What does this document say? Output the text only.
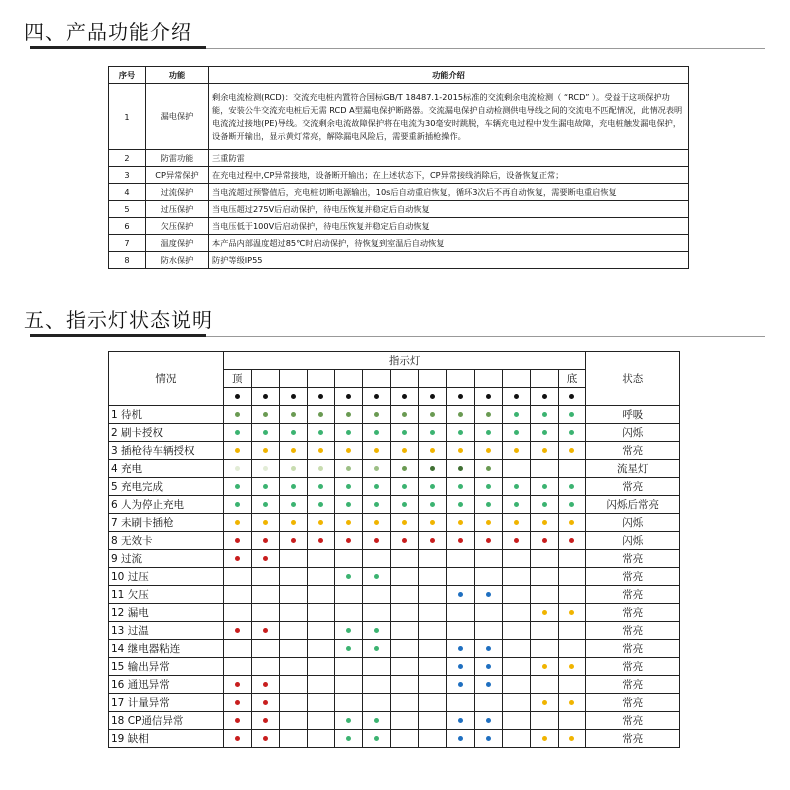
四、产品功能介绍
序号	功能	功能介绍
1	漏电保护	剩余电流检测(RCD)：交流充电桩内置符合国标GB/T 18487.1-2015标准的交流剩余电流检测（ “RCD” ）。受益于这项保护功能，安装公牛交流充电桩后无需 RCD A型漏电保护断路器。交流漏电保护自动检测供电导线之间的交流电不匹配情况，此情况表明电流流过接地(PE)导线。交流剩余电流故障保护将在电流为30毫安时跳脱，车辆充电过程中发生漏电故障，充电桩触发漏电保护，设备断开输出，显示黄灯常亮，解除漏电风险后，需要重新插枪操作。
2	防雷功能	三重防雷
3	CP异常保护	在充电过程中,CP异常接地，设备断开输出；在上述状态下，CP异常接线消除后，设备恢复正常；
4	过流保护	当电流超过预警值后，充电桩切断电源输出，10s后自动重启恢复，循环3次后不再自动恢复，需要断电重启恢复
5	过压保护	当电压超过275V后启动保护，待电压恢复并稳定后自动恢复
6	欠压保护	当电压低于100V后启动保护，待电压恢复并稳定后自动恢复
7	温度保护	本产品内部温度超过85℃时启动保护，待恢复到室温后自动恢复
8	防水保护	防护等级IP55
五、指示灯状态说明
情况	指示灯													状态
	顶												底	

1 待机														呼吸
2 刷卡授权														闪烁
3 插枪待车辆授权														常亮
4 充电														流星灯
5 充电完成														常亮
6 人为停止充电														闪烁后常亮
7 未刷卡插枪														闪烁
8 无效卡														闪烁
9 过流														常亮
10 过压														常亮
11 欠压														常亮
12 漏电														常亮
13 过温														常亮
14 继电器粘连														常亮
15 输出异常														常亮
16 通迅异常														常亮
17 计量异常														常亮
18 CP通信异常														常亮
19 缺相														常亮
